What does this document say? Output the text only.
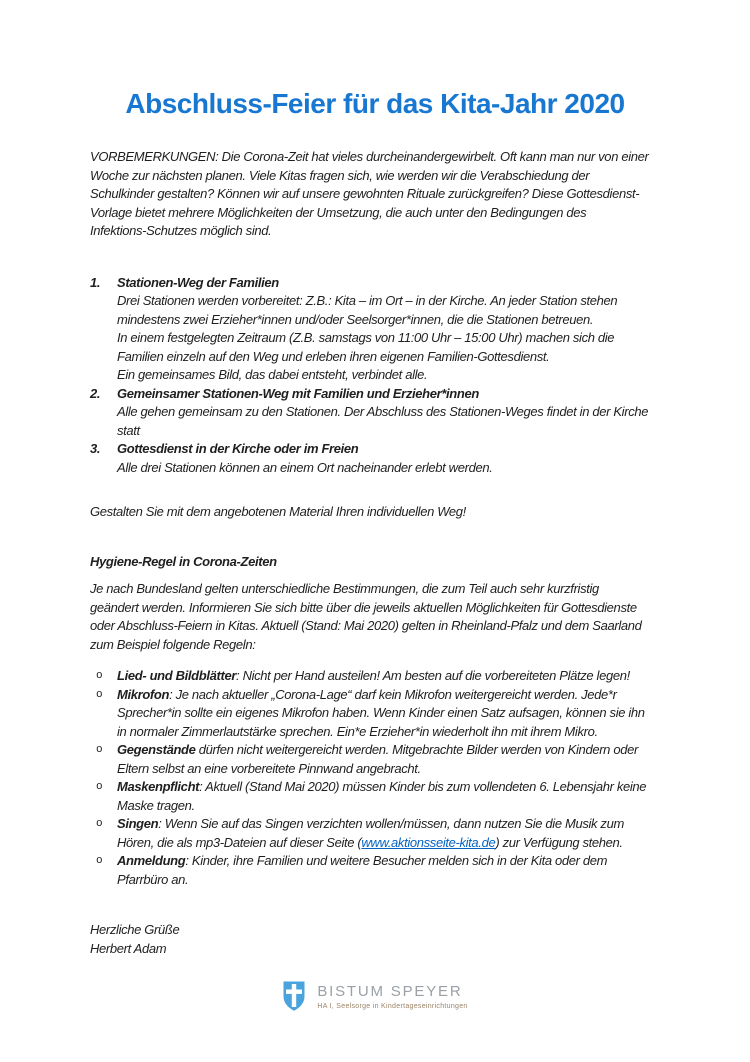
Abschluss-Feier für das Kita-Jahr 2020
VORBEMERKUNGEN: Die Corona-Zeit hat vieles durcheinandergewirbelt. Oft kann man nur von einer
Woche zur nächsten planen. Viele Kitas fragen sich, wie werden wir die Verabschiedung der
Schulkinder gestalten? Können wir auf unsere gewohnten Rituale zurückgreifen? Diese Gottesdienst-
Vorlage bietet mehrere Möglichkeiten der Umsetzung, die auch unter den Bedingungen des
Infektions-Schutzes möglich sind.
1.	Stationen-Weg der Familien
Drei Stationen werden vorbereitet: Z.B.: Kita – im Ort – in der Kirche. An jeder Station stehen
mindestens zwei Erzieher*innen und/oder Seelsorger*innen, die die Stationen betreuen.
In einem festgelegten Zeitraum (Z.B. samstags von 11:00 Uhr – 15:00 Uhr) machen sich die
Familien einzeln auf den Weg und erleben ihren eigenen Familien-Gottesdienst.
Ein gemeinsames Bild, das dabei entsteht, verbindet alle.
2.	Gemeinsamer Stationen-Weg mit Familien und Erzieher*innen
Alle gehen gemeinsam zu den Stationen. Der Abschluss des Stationen-Weges findet in der Kirche
statt
3.	Gottesdienst in der Kirche oder im Freien
Alle drei Stationen können an einem Ort nacheinander erlebt werden.
Gestalten Sie mit dem angebotenen Material Ihren individuellen Weg!
Hygiene-Regel in Corona-Zeiten
Je nach Bundesland gelten unterschiedliche Bestimmungen, die zum Teil auch sehr kurzfristig
geändert werden. Informieren Sie sich bitte über die jeweils aktuellen Möglichkeiten für Gottesdienste
oder Abschluss-Feiern in Kitas. Aktuell (Stand: Mai 2020) gelten in Rheinland-Pfalz und dem Saarland
zum Beispiel folgende Regeln:
o	Lied- und Bildblätter: Nicht per Hand austeilen! Am besten auf die vorbereiteten Plätze legen!
o	Mikrofon: Je nach aktueller „Corona-Lage“ darf kein Mikrofon weitergereicht werden. Jede*r
Sprecher*in sollte ein eigenes Mikrofon haben. Wenn Kinder einen Satz aufsagen, können sie ihn
in normaler Zimmerlautstärke sprechen. Ein*e Erzieher*in wiederholt ihn mit ihrem Mikro.
o	Gegenstände dürfen nicht weitergereicht werden. Mitgebrachte Bilder werden von Kindern oder
Eltern selbst an eine vorbereitete Pinnwand angebracht.
o	Maskenpflicht: Aktuell (Stand Mai 2020) müssen Kinder bis zum vollendeten 6. Lebensjahr keine
Maske tragen.
o	Singen: Wenn Sie auf das Singen verzichten wollen/müssen, dann nutzen Sie die Musik zum
Hören, die als mp3-Dateien auf dieser Seite (www.aktionsseite-kita.de) zur Verfügung stehen.
o	Anmeldung: Kinder, ihre Familien und weitere Besucher melden sich in der Kita oder dem
Pfarrbüro an.
Herzliche Grüße
Herbert Adam
BISTUM SPEYER
HA I, Seelsorge in Kindertageseinrichtungen
